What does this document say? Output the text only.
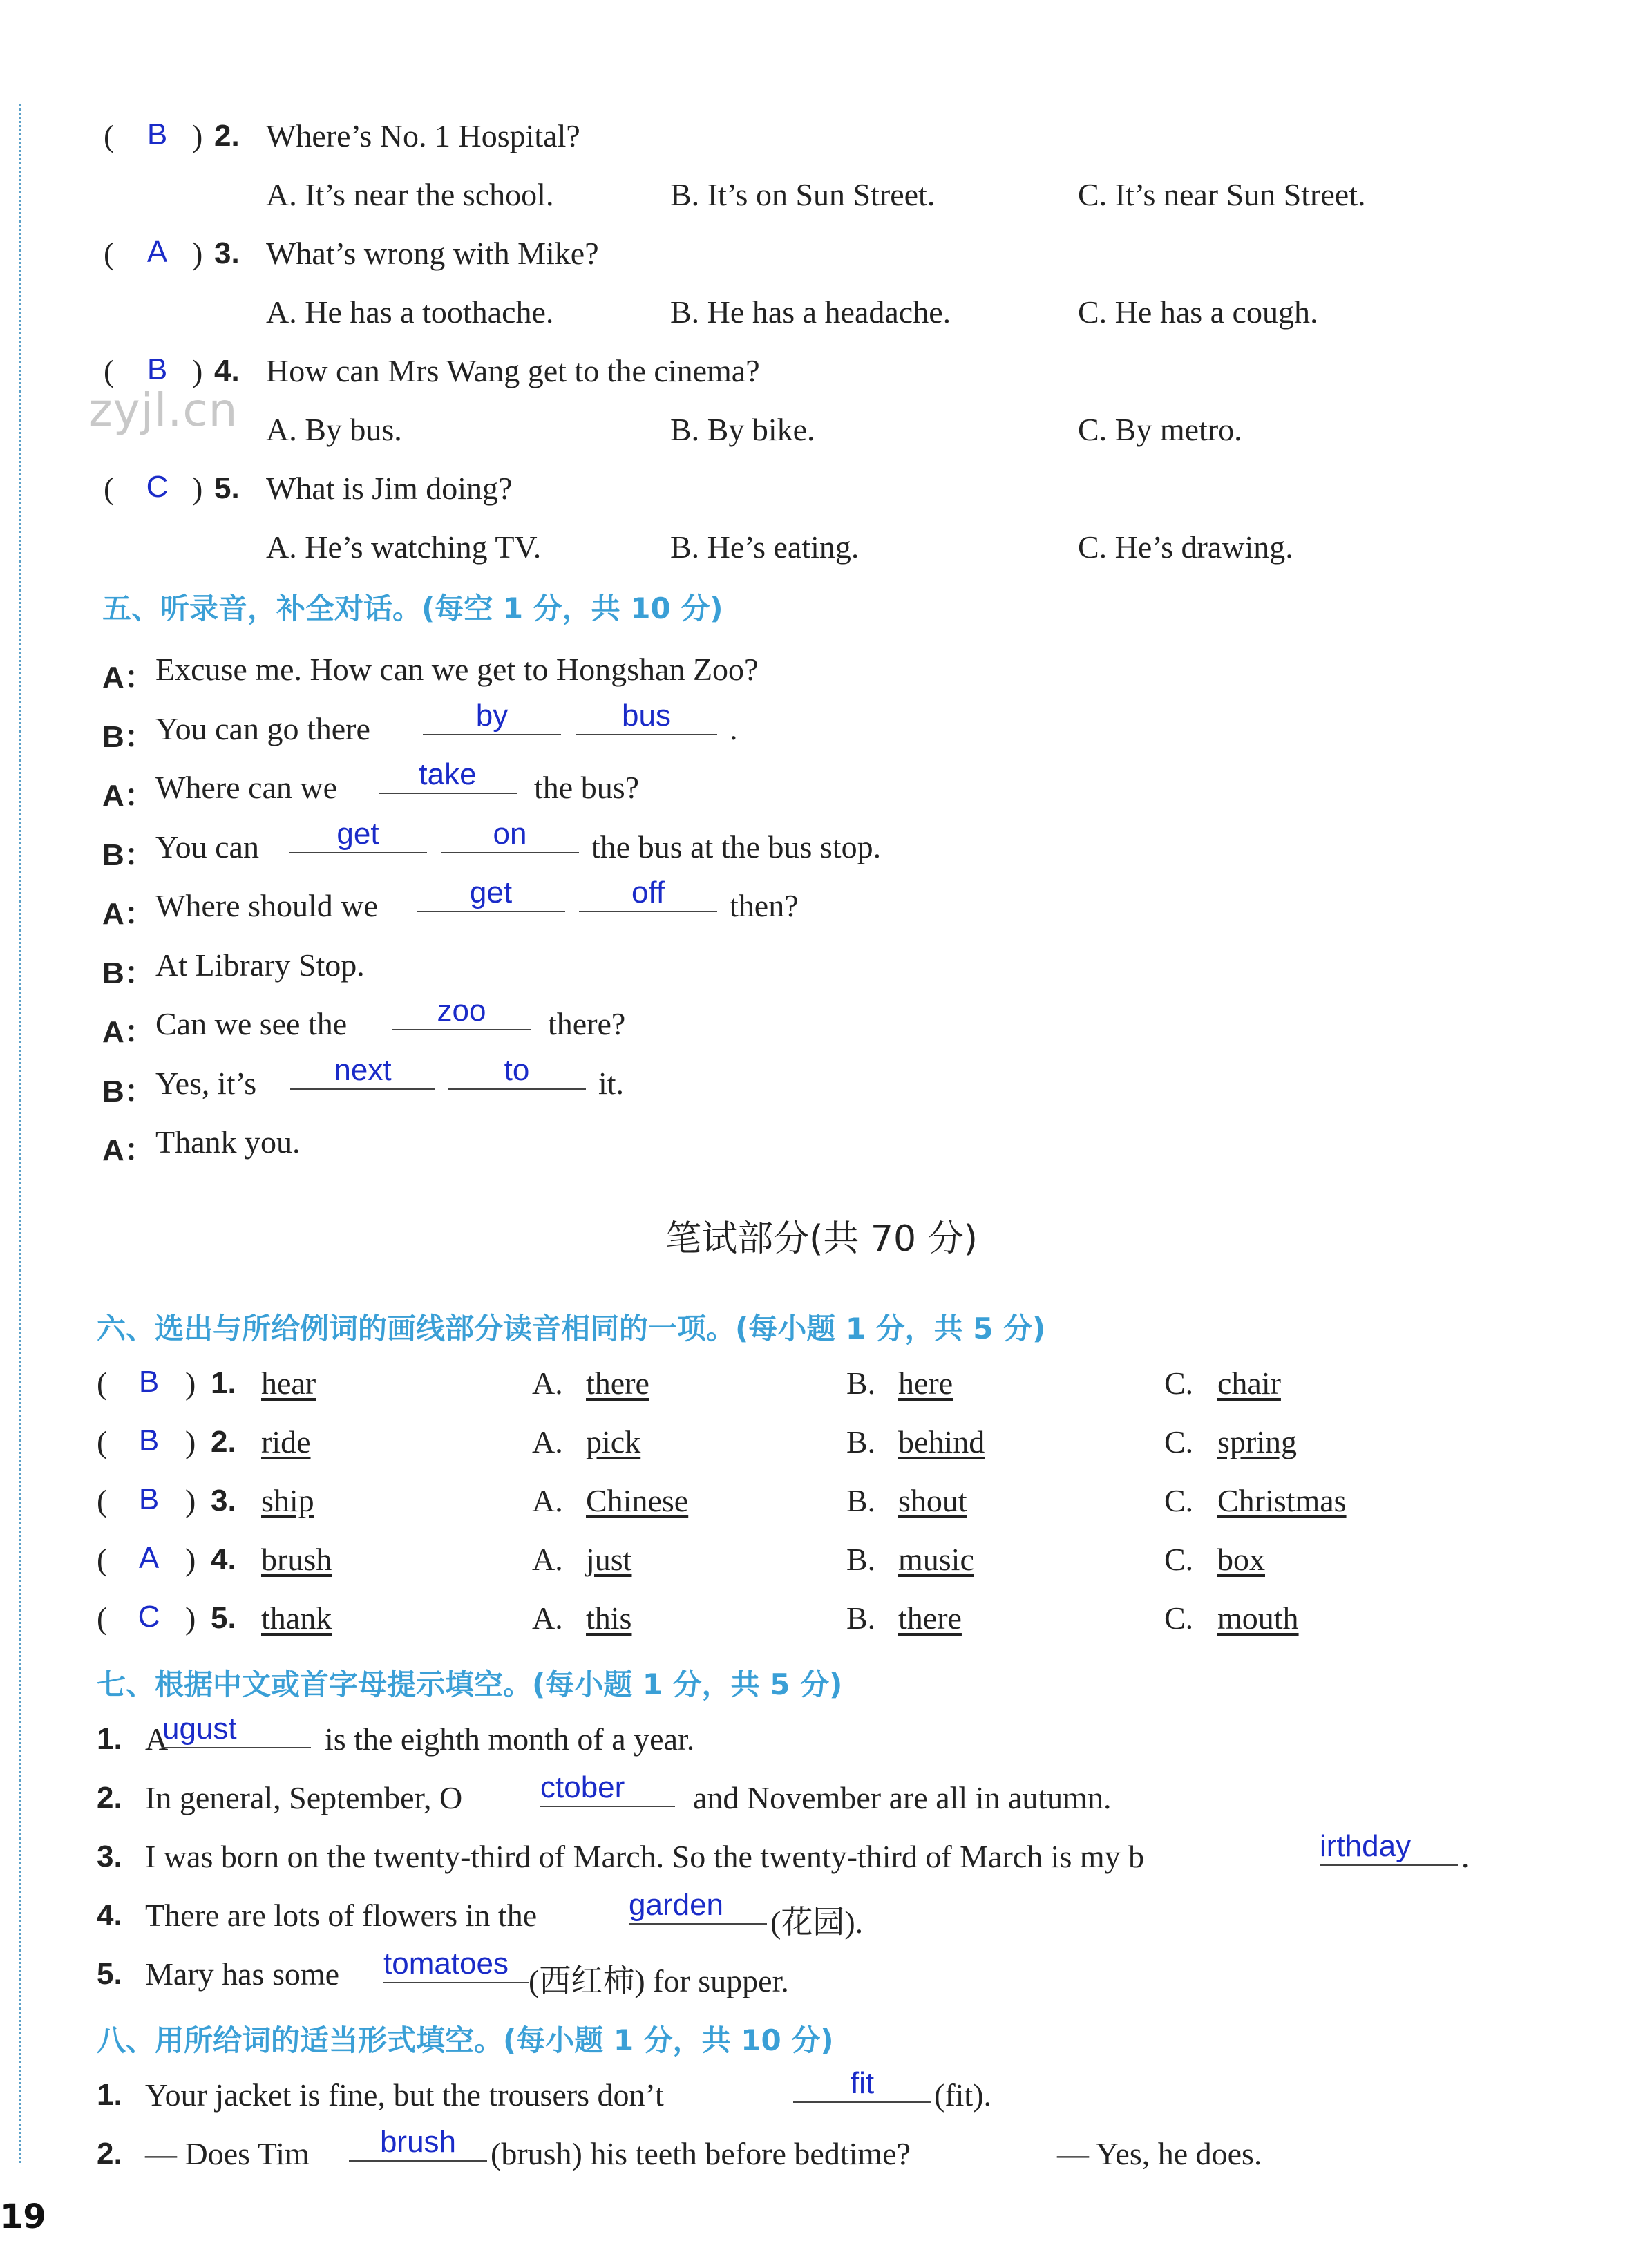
zyjl.cn
(	B ) 2. Where’s No. 1 Hospital?
A. It’s near the school.	B. It’s on Sun Street.	C. It’s near Sun Street.
(	A ) 3. What’s wrong with Mike?
A. He has a toothache.	B. He has a headache.	C. He has a cough.
(	B ) 4. How can Mrs Wang get to the cinema?
A. By bus.	B. By bike.	C. By metro.
(	C ) 5. What is Jim doing?
A. He’s watching TV.	B. He’s eating.	C. He’s drawing.
五、听录音，补全对话。(每空 1 分，共 10 分)
A： Excuse me. How can we get to Hongshan Zoo?
B： You can go there	by	bus	.
A： Where can we	take	the bus?
B： You can	get	on	the bus at the bus stop.
A： Where should we	get	off	then?
B： At Library Stop.
A： Can we see the	zoo	there?
B： Yes, it’s	next	to	it.
A： Thank you.
笔试部分(共 70 分)
六、选出与所给例词的画线部分读音相同的一项。(每小题 1 分，共 5 分)
(	B ) 1. hear	A. there	B. here	C. chair
(	B ) 2. ride	A. pick	B. behind	C. spring
(	B ) 3. ship	A. Chinese	B. shout	C. Christmas
(	A ) 4. brush	A. just	B. music	C. box
(	C ) 5. thank	A. this	B. there	C. mouth
七、根据中文或首字母提示填空。(每小题 1 分，共 5 分)
1. A
ugust	is the eighth month of a year.
2. In general, September, O	ctober	and November are all in autumn.
3. I was born on the twenty-third of March. So the twenty-third of March is my b	irthday	.
4. There are lots of flowers in the	garden	(花园).
5. Mary has some tomatoes (西红柿) for supper.
八、用所给词的适当形式填空。(每小题 1 分，共 10 分)
1. Your jacket is fine, but the trousers don’t	fit	(fit).
2. — Does Tim	brush	(brush) his teeth before bedtime?	— Yes, he does.
19
